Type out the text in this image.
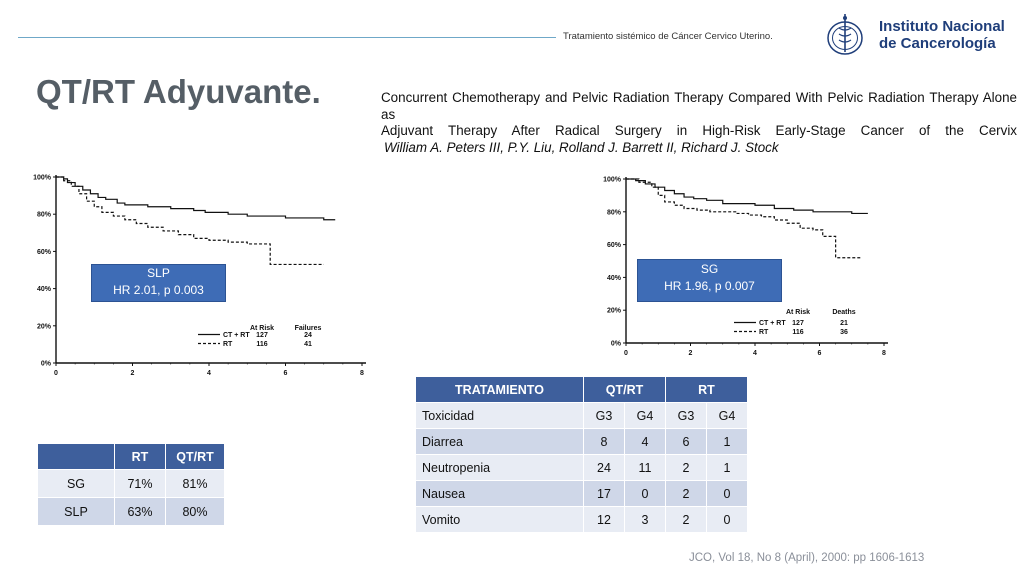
Tratamiento sistémico de Cáncer Cervico Uterino.
Instituto Nacional
de Cancerología
QT/RT Adyuvante.	Concurrent Chemotherapy and Pelvic Radiation Therapy Compared With Pelvic Radiation Therapy Alone as
Adjuvant Therapy After Radical Surgery in High-Risk Early-Stage Cancer of the Cervix
William A. Peters III, P.Y. Liu, Rolland J. Barrett II, Richard J. Stock
100%
80%
60%
40%
20%
0%
0	2	4	6	8
At Risk	Failures
CT + RT 127	24
RT	116	41
SLP
HR 2.01, p 0.003
100%
80%
60%
40%
20%
0%
0	2	4	6	8
At Risk	Deaths
CT + RT 127	21
RT	116	36
SG
HR 1.96, p 0.007
	RT	QT/RT
SG	71%	81%
SLP	63%	80%
TRATAMIENTO	QT/RT		RT	
Toxicidad	G3	G4	G3	G4
Diarrea	8	4	6	1
Neutropenia	24	11	2	1
Nausea	17	0	2	0
Vomito	12	3	2	0
JCO, Vol 18, No 8 (April), 2000: pp 1606-1613
